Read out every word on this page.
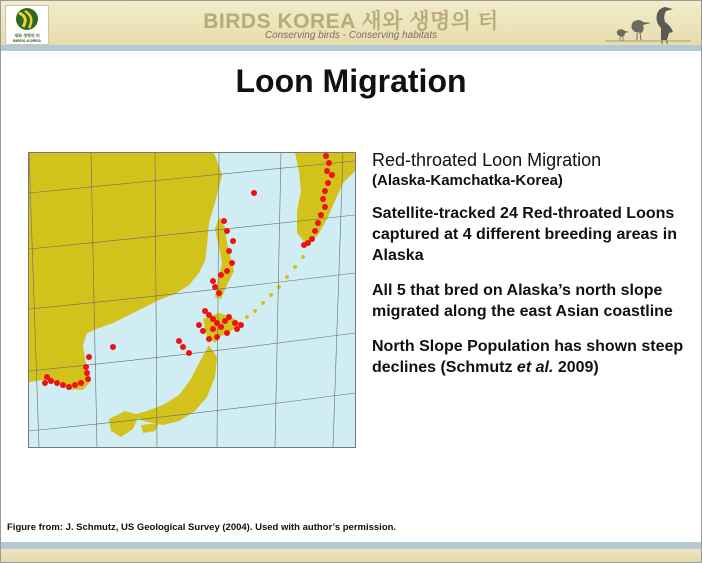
새와 생명의 터
BIRDS KOREA
BIRDS KOREA 새와 생명의 터
Conserving birds - Conserving habitats
Loon Migration
Red-throated Loon Migration
(Alaska-Kamchatka-Korea)

Satellite-tracked 24 Red-throated Loons captured at 4 different breeding areas in Alaska

All 5 that bred on Alaska’s north slope migrated along the east Asian coastline

North Slope Population has shown steep declines (Schmutz et al. 2009)

Figure from: J. Schmutz, US Geological Survey (2004). Used with author’s permission.
